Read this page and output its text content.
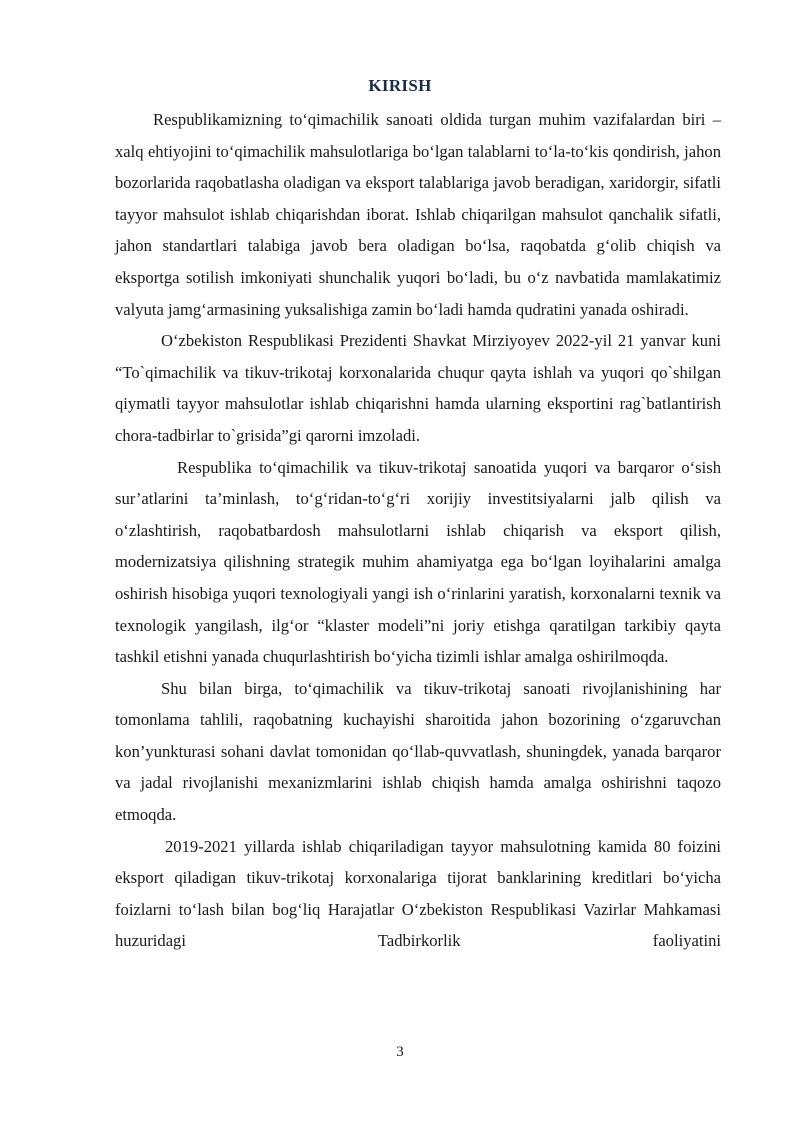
KIRISH

Respublikamizning to‘qimachilik sanoati oldida turgan muhim vazifalardan biri – xalq ehtiyojini to‘qimachilik mahsulotlariga bo‘lgan talablarni to‘la-to‘kis qondirish, jahon bozorlarida raqobatlasha oladigan va eksport talablariga javob beradigan, xaridorgir, sifatli tayyor mahsulot ishlab chiqarishdan iborat. Ishlab chiqarilgan mahsulot qanchalik sifatli, jahon standartlari talabiga javob bera oladigan bo‘lsa, raqobatda g‘olib chiqish va eksportga sotilish imkoniyati shunchalik yuqori bo‘ladi, bu o‘z navbatida mamlakatimiz valyuta jamg‘armasining yuksalishiga zamin bo‘ladi hamda qudratini yanada oshiradi.

O‘zbekiston Respublikasi Prezidenti Shavkat Mirziyoyev 2022-yil 21 yanvar kuni “To`qimachilik va tikuv-trikotaj korxonalarida chuqur qayta ishlah va yuqori qo`shilgan qiymatli tayyor mahsulotlar ishlab chiqarishni hamda ularning eksportini rag`batlantirish chora-tadbirlar to`grisida”gi qarorni imzoladi.

Respublika to‘qimachilik va tikuv-trikotaj sanoatida yuqori va barqaror o‘sish sur’atlarini ta’minlash, to‘g‘ridan-to‘g‘ri xorijiy investitsiyalarni jalb qilish va o‘zlashtirish, raqobatbardosh mahsulotlarni ishlab chiqarish va eksport qilish, modernizatsiya qilishning strategik muhim ahamiyatga ega bo‘lgan loyihalarini amalga oshirish hisobiga yuqori texnologiyali yangi ish o‘rinlarini yaratish, korxonalarni texnik va texnologik yangilash, ilg‘or “klaster modeli”ni joriy etishga qaratilgan tarkibiy qayta tashkil etishni yanada chuqurlashtirish bo‘yicha tizimli ishlar amalga oshirilmoqda.

Shu bilan birga, to‘qimachilik va tikuv-trikotaj sanoati rivojlanishining har tomonlama tahlili, raqobatning kuchayishi sharoitida jahon bozorining o‘zgaruvchan kon’yunkturasi sohani davlat tomonidan qo‘llab-quvvatlash, shuningdek, yanada barqaror va jadal rivojlanishi mexanizmlarini ishlab chiqish hamda amalga oshirishni taqozo etmoqda.

2019-2021 yillarda ishlab chiqariladigan tayyor mahsulotning kamida 80 foizini eksport qiladigan tikuv-trikotaj korxonalariga tijorat banklarining kreditlari bo‘yicha foizlarni to‘lash bilan bog‘liq Harajatlar O‘zbekiston Respublikasi Vazirlar Mahkamasi huzuridagi Tadbirkorlik faoliyatini

3
